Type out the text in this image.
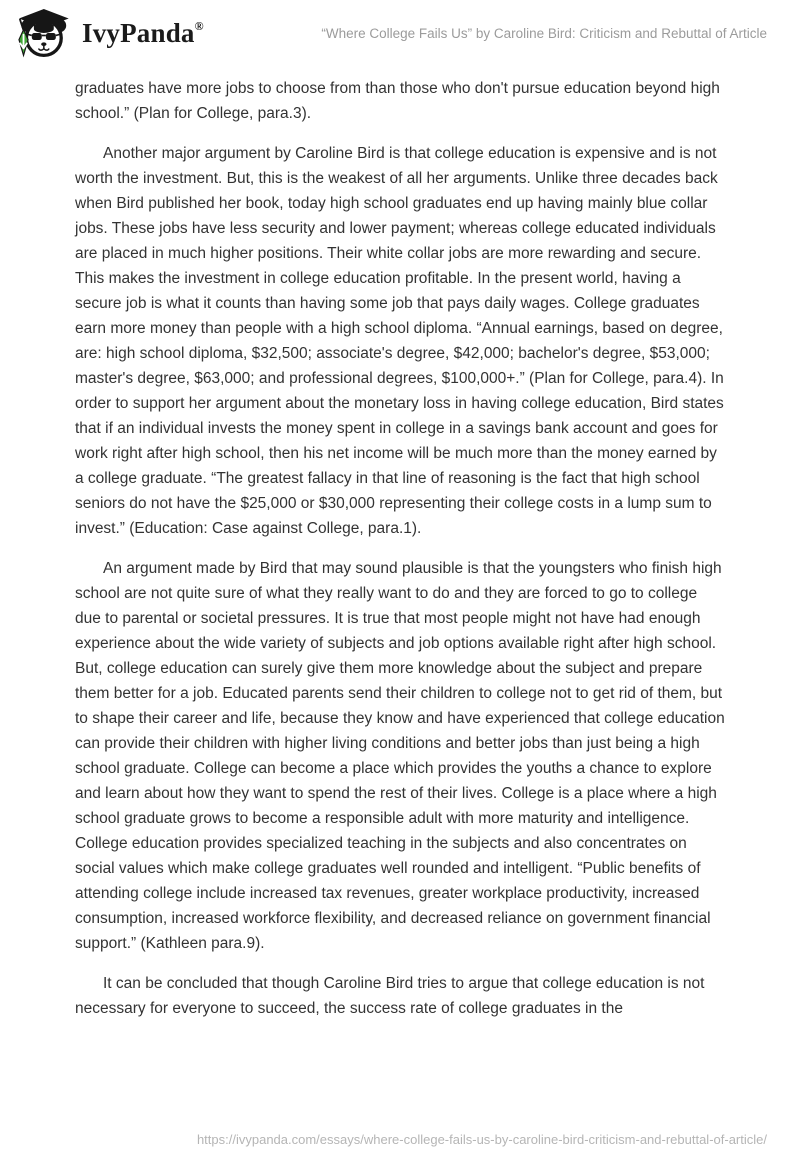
IvyPanda®	“Where College Fails Us” by Caroline Bird: Criticism and Rebuttal of Article

graduates have more jobs to choose from than those who don't pursue education beyond high school.” (Plan for College, para.3).

Another major argument by Caroline Bird is that college education is expensive and is not worth the investment. But, this is the weakest of all her arguments. Unlike three decades back when Bird published her book, today high school graduates end up having mainly blue collar jobs. These jobs have less security and lower payment; whereas college educated individuals are placed in much higher positions. Their white collar jobs are more rewarding and secure. This makes the investment in college education profitable. In the present world, having a secure job is what it counts than having some job that pays daily wages. College graduates earn more money than people with a high school diploma. “Annual earnings, based on degree, are: high school diploma, $32,500; associate's degree, $42,000; bachelor's degree, $53,000; master's degree, $63,000; and professional degrees, $100,000+.” (Plan for College, para.4). In order to support her argument about the monetary loss in having college education, Bird states that if an individual invests the money spent in college in a savings bank account and goes for work right after high school, then his net income will be much more than the money earned by a college graduate. “The greatest fallacy in that line of reasoning is the fact that high school seniors do not have the $25,000 or $30,000 representing their college costs in a lump sum to invest.” (Education: Case against College, para.1).

An argument made by Bird that may sound plausible is that the youngsters who finish high school are not quite sure of what they really want to do and they are forced to go to college due to parental or societal pressures. It is true that most people might not have had enough experience about the wide variety of subjects and job options available right after high school. But, college education can surely give them more knowledge about the subject and prepare them better for a job. Educated parents send their children to college not to get rid of them, but to shape their career and life, because they know and have experienced that college education can provide their children with higher living conditions and better jobs than just being a high school graduate. College can become a place which provides the youths a chance to explore and learn about how they want to spend the rest of their lives. College is a place where a high school graduate grows to become a responsible adult with more maturity and intelligence. College education provides specialized teaching in the subjects and also concentrates on social values which make college graduates well rounded and intelligent. “Public benefits of attending college include increased tax revenues, greater workplace productivity, increased consumption, increased workforce flexibility, and decreased reliance on government financial support.” (Kathleen para.9).

It can be concluded that though Caroline Bird tries to argue that college education is not necessary for everyone to succeed, the success rate of college graduates in the

https://ivypanda.com/essays/where-college-fails-us-by-caroline-bird-criticism-and-rebuttal-of-article/
